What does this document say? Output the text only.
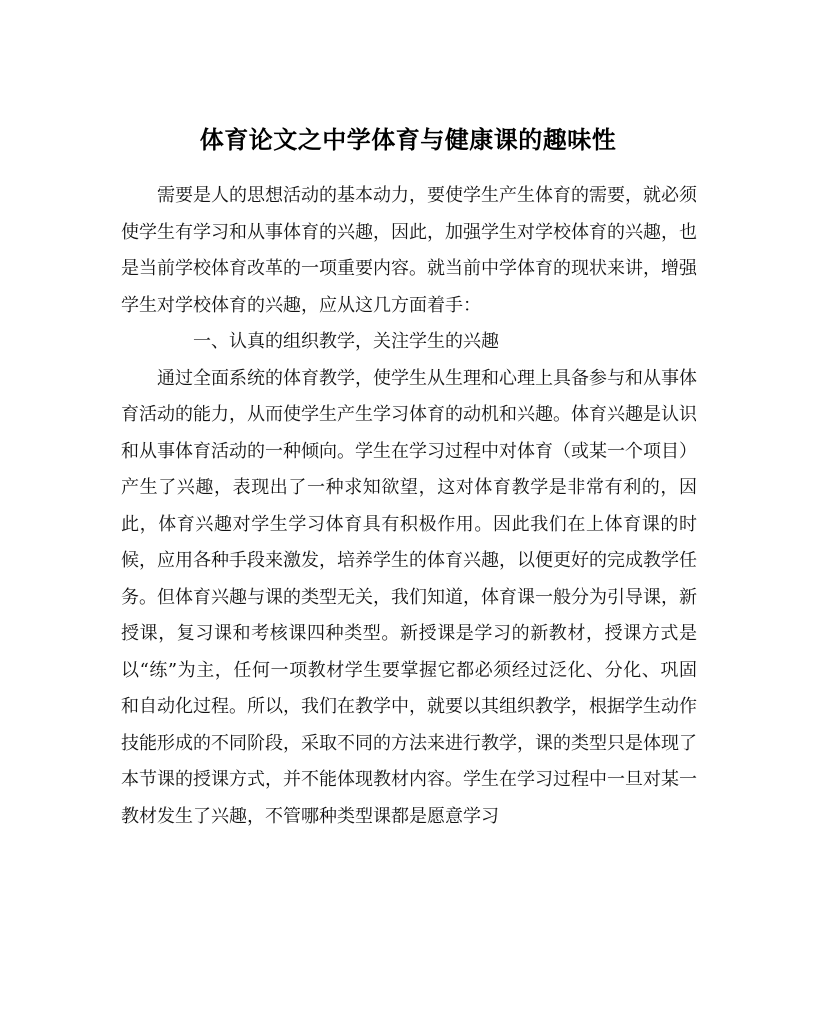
体育论文之中学体育与健康课的趣味性

需要是人的思想活动的基本动力，要使学生产生体育的需要，就必须使学生有学习和从事体育的兴趣，因此，加强学生对学校体育的兴趣，也是当前学校体育改革的一项重要内容。就当前中学体育的现状来讲，增强学生对学校体育的兴趣，应从这几方面着手：

一、认真的组织教学，关注学生的兴趣

通过全面系统的体育教学，使学生从生理和心理上具备参与和从事体育活动的能力，从而使学生产生学习体育的动机和兴趣。体育兴趣是认识和从事体育活动的一种倾向。学生在学习过程中对体育（或某一个项目）产生了兴趣，表现出了一种求知欲望，这对体育教学是非常有利的，因此，体育兴趣对学生学习体育具有积极作用。因此我们在上体育课的时候，应用各种手段来激发，培养学生的体育兴趣，以便更好的完成教学任务。但体育兴趣与课的类型无关，我们知道，体育课一般分为引导课，新授课，复习课和考核课四种类型。新授课是学习的新教材，授课方式是以“练”为主，任何一项教材学生要掌握它都必须经过泛化、分化、巩固和自动化过程。所以，我们在教学中，就要以其组织教学，根据学生动作技能形成的不同阶段，采取不同的方法来进行教学，课的类型只是体现了本节课的授课方式，并不能体现教材内容。学生在学习过程中一旦对某一教材发生了兴趣，不管哪种类型课都是愿意学习
